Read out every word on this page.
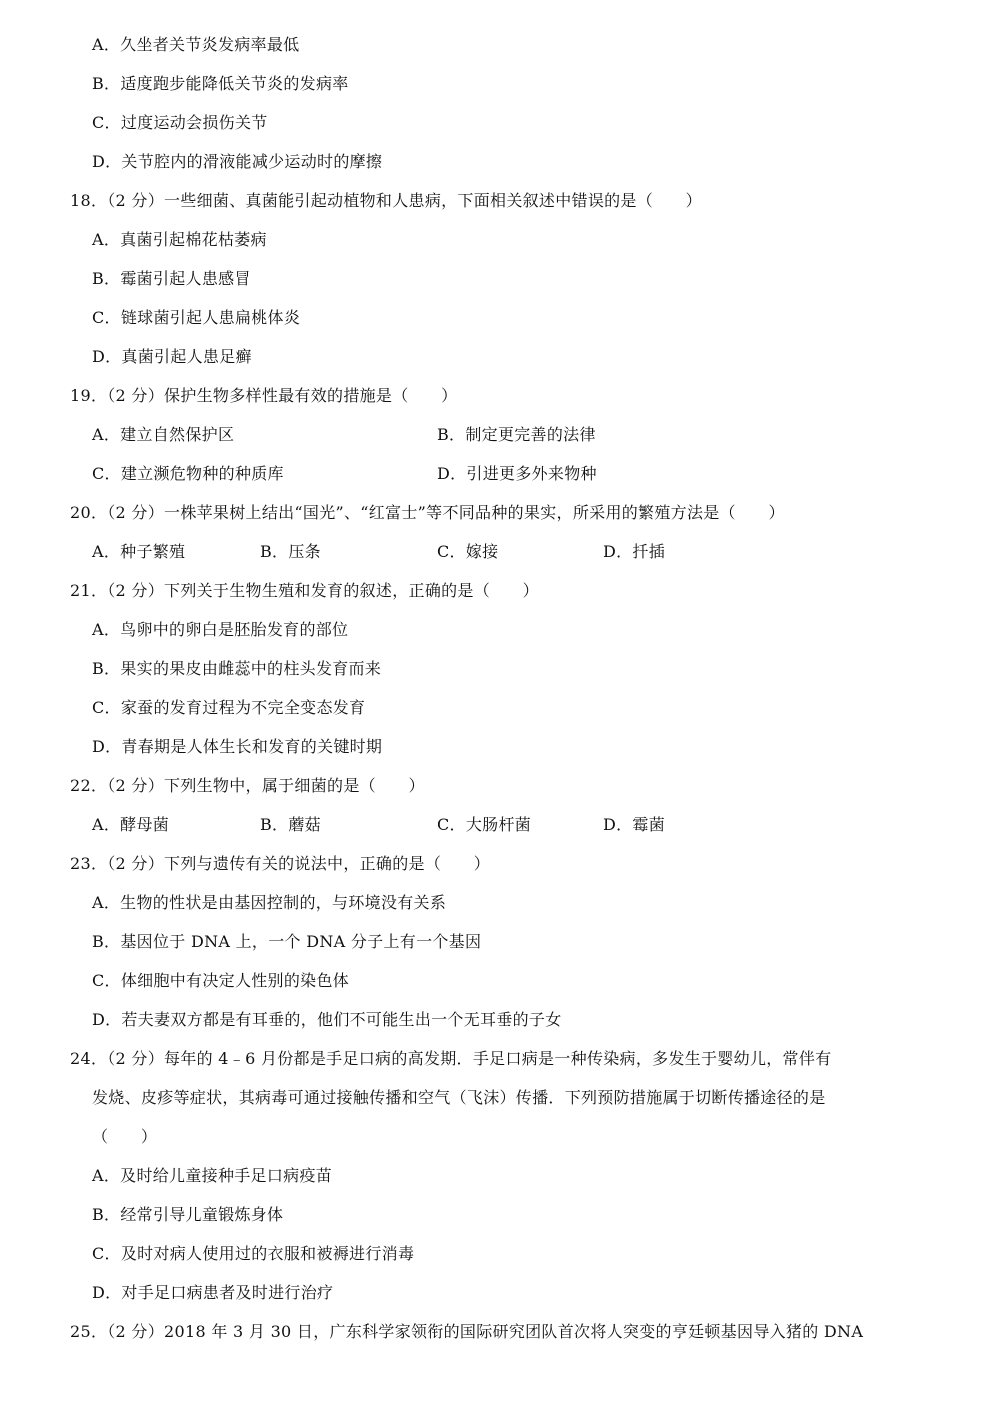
A．久坐者关节炎发病率最低
B．适度跑步能降低关节炎的发病率
C．过度运动会损伤关节
D．关节腔内的滑液能减少运动时的摩擦
18．（2 分）一些细菌、真菌能引起动植物和人患病，下面相关叙述中错误的是（　　）
A．真菌引起棉花枯萎病
B．霉菌引起人患感冒
C．链球菌引起人患扁桃体炎
D．真菌引起人患足癣
19．（2 分）保护生物多样性最有效的措施是（　　）
A．建立自然保护区	B．制定更完善的法律
C．建立濒危物种的种质库	D．引进更多外来物种
20．（2 分）一株苹果树上结出“国光”、“红富士”等不同品种的果实，所采用的繁殖方法是（　　）
A．种子繁殖	B．压条	C．嫁接	D．扦插
21．（2 分）下列关于生物生殖和发育的叙述，正确的是（　　）
A．鸟卵中的卵白是胚胎发育的部位
B．果实的果皮由雌蕊中的柱头发育而来
C．家蚕的发育过程为不完全变态发育
D．青春期是人体生长和发育的关键时期
22．（2 分）下列生物中，属于细菌的是（　　）
A．酵母菌	B．蘑菇	C．大肠杆菌	D．霉菌
23．（2 分）下列与遗传有关的说法中，正确的是（　　）
A．生物的性状是由基因控制的，与环境没有关系
B．基因位于 DNA 上，一个 DNA 分子上有一个基因
C．体细胞中有决定人性别的染色体
D．若夫妻双方都是有耳垂的，他们不可能生出一个无耳垂的子女
24．（2 分）每年的 4﹣6 月份都是手足口病的高发期．手足口病是一种传染病，多发生于婴幼儿，常伴有
发烧、皮疹等症状，其病毒可通过接触传播和空气（飞沫）传播．下列预防措施属于切断传播途径的是
（　　）
A．及时给儿童接种手足口病疫苗
B．经常引导儿童锻炼身体
C．及时对病人使用过的衣服和被褥进行消毒
D．对手足口病患者及时进行治疗
25．（2 分）2018 年 3 月 30 日，广东科学家领衔的国际研究团队首次将人突变的亨廷顿基因导入猪的 DNA
